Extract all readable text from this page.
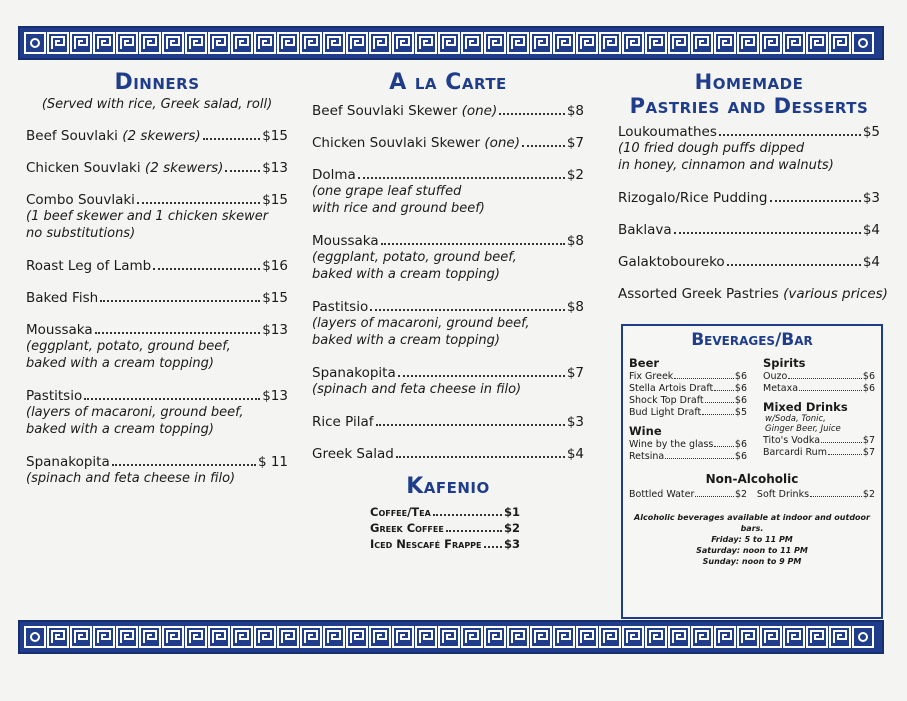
Dinners
(Served with rice, Greek salad, roll)
Beef Souvlaki (2 skewers)	$15
Chicken Souvlaki (2 skewers)	$13
Combo Souvlaki	$15
(1 beef skewer and 1 chicken skewer
no substitutions)
Roast Leg of Lamb	$16
Baked Fish	$15
Moussaka	$13
(eggplant, potato, ground beef,
baked with a cream topping)
Pastitsio	$13
(layers of macaroni, ground beef,
baked with a cream topping)
Spanakopita	$ 11
(spinach and feta cheese in filo)
A la Carte
Beef Souvlaki Skewer (one)	$8
Chicken Souvlaki Skewer (one)	$7
Dolma	$2
(one grape leaf stuffed
with rice and ground beef)
Moussaka	$8
(eggplant, potato, ground beef,
baked with a cream topping)
Pastitsio	$8
(layers of macaroni, ground beef,
baked with a cream topping)
Spanakopita	$7
(spinach and feta cheese in filo)
Rice Pilaf	$3
Greek Salad	$4
Kafenio
Coffee/Tea	$1
Greek Coffee	$2
Iced Nescafé Frappe $3
Homemade
Pastries and Desserts
Loukoumathes	$5
(10 fried dough puffs dipped
in honey, cinnamon and walnuts)
Rizogalo/Rice Pudding	$3
Baklava	$4
Galaktoboureko	$4
Assorted Greek Pastries (various prices)
Beverages/Bar
Beer
Fix Greek	$6
Stella Artois Draft $6
Shock Top Draft	$6
Bud Light Draft	$5
Wine
Wine by the glass $6
Retsina	$6
Spirits
Ouzo	$6
Metaxa	$6
Mixed Drinks
w/Soda, Tonic,
Ginger Beer, Juice
Tito's Vodka	$7
Barcardi Rum	$7
Non-Alcoholic
Bottled Water	$2 Soft Drinks	$2
Alcoholic beverages available at indoor and outdoor bars.
Friday: 5 to 11 PM
Saturday: noon to 11 PM
Sunday: noon to 9 PM
